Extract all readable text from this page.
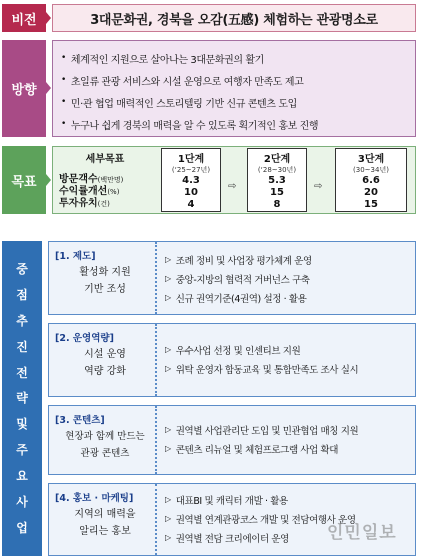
비전	3대문화권, 경북을 오감(五感) 체험하는 관광명소로
방향
• 체계적인 지원으로 살아나는 3대문화권의 활기
• 초일류 관광 서비스와 시설 운영으로 여행자 만족도 제고
• 민·관 협업 매력적인 스토리텔링 기반 신규 콘텐츠 도입
• 누구나 쉽게 경북의 매력을 알 수 있도록 획기적인 홍보 진행
목표
세부목표
방문객수(백만명)
수익률개선(%)
투자유치(건)
1단계
(‘25~27년)
4.3
10
4
⇨
2단계
(‘28~30년)
5.3
15
8
⇨
3단계
(30~34년)
6.6
20
15
중
점
추
진
전
략
및
주
요
사
업
[1. 제도]
활성화 지원
기반 조성
▷ 조례 정비 및 사업장 평가체계 운영
▷ 중앙-지방의 협력적 거버넌스 구축
▷ 신규 권역기준(4권역) 설정 · 활용
[2. 운영역량]
시설 운영
역량 강화
▷ 우수사업 선정 및 인센티브 지원
▷ 위탁 운영자 합동교육 및 통합만족도 조사 실시
[3. 콘텐츠]
현장과 함께 만드는
관광 콘텐츠
▷ 권역별 사업관리단 도입 및 민관협업 매칭 지원
▷ 콘텐츠 리뉴얼 및 체험프로그램 사업 확대
[4. 홍보 · 마케팅]
지역의 매력을
알리는 홍보
▷ 대표BI 및 캐릭터 개발 · 활용
▷ 권역별 연계관광코스 개발 및 전담여행사 운영
▷ 권역별 전담 크리에이터 운영 인민일보
